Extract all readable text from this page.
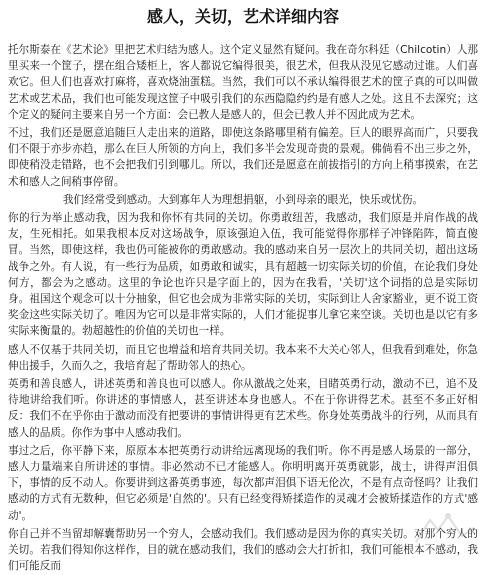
感人，关切，艺术详细内容

托尔斯泰在《艺术论》里把艺术归结为感人。这个定义显然有疑问。我在奇尔科廷（Chilcotin）人那里买来一个筐子，摆在组合矮柜上，客人都说它编得很美，很艺术，但我从没见它感动过谁。人们喜欢它。但人们也喜欢打麻将，喜欢烧油蛋糕。当然，我们可以不承认编得很艺术的筐子真的可以叫做艺术或艺术品，我们也可能发现这筐子中吸引我们的东西隐隐约约是有感人之处。这且不去深究；这个定义的疑问主要来自另一个方面：会已教人是感人的，但会已教人并不因此成为艺术。

不过，我们还是愿意追随巨人走出来的道路，即使这条路哪里稍有偏差。巨人的眼界高而广，只要我们不限于亦步亦趋，那么在巨人所领的方向上，我们多半会发现奇贵的景观。佛倘看不出三步之外，即使稍没走错路，也不会把我们引到哪儿。所以，我们还是愿意在前拔指引的方向上稍事摸索，在艺术和感人之间稍事停留。

我们经常受到感动。大到寡年人为理想捐躯，小到母亲的眼光，快乐或忧伤。

你的行为举止感动我，因为我和你怀有共同的关切。你勇敢纽苦，我感动，我们原是并肩作战的战友，生死相托。如果我根本反对这场战争，原该强迫入伍，我可能觉得你那样子冲锋陷阵，简直傻冒。当然，即使这样，我也仍可能被你的勇敢感动。我的感动来自另一层次上的共同关切，超出这场战争之外。有人说，有一些行为品质，如勇敢和诚实，具有超越一切实际关切的价值，在论我们身处何方，都会为之感动。这里的争论也许只是字面上的，因为在我看，'关切'这个词指的总是实际切身。祖国这个观念可以十分抽象，但它也会成为非常实际的关切，实际到让人舍家豁业，更不说工资奖金这些实际关切了。唯因为它可以是非常实际的，人们才能捉事儿拿它来空谈。关切也是以它有多实际来衡量的。勃超越性的价值的关切也一样。

感人不仅基于共同关切，而且它也增益和培育共同关切。我本来不大关心邻人，但我看到难处，你急伸出援手，久而久之，我培育起了帮助邻人的热心。

英勇和善良感人，讲述英勇和善良也可以感人。你从激战之处来，目睹英勇行动，激动不已，追不及待地讲给我们听。你讲述的事情感人，甚至讲述本身也感人。不在于你讲得艺术。甚至不多正好相反：我们不在乎你由于激动而没有把要讲的事情讲得更有艺术些。你身处英勇战斗的行列，从而具有感人的品质。你作为事中人感动我们。

事过之后，你平静下来，原原本本把英勇行动讲给远离现场的我们听。你不再是感人场景的一部分，感人力量端来自所讲述的事情。非必然动不已才能感人。你明明离开英勇就影，战士，讲得声泪俱下，事情的反不动人。你要讲到这番英勇事迹，每次都声泪俱下语无伦次，不是有点奇怪吗？让我们感动的方式有无数种，但它必须是'自然的'。只有已经变得矫揉造作的灵魂才会被矫揉造作的方式'感动'。

你自己并不当留却解囊帮助另一个穷人，会感动我们。我们感动是因为你的真实关切。对那个穷人的关切。若我们得知你这样作，目的就在感动我们，我们的感动会大打折扣，我们可能根本不感动，我们可能反而
